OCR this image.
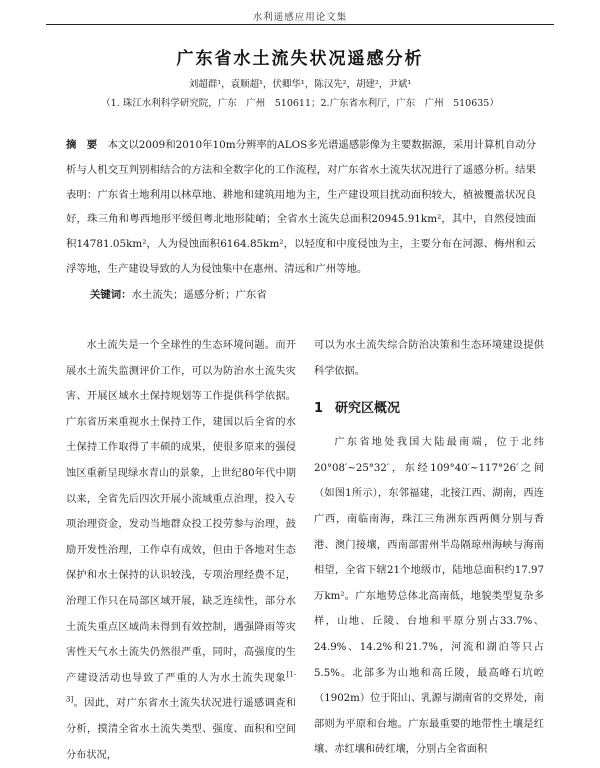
水利遥感应用论文集
广东省水土流失状况遥感分析
刘超群¹，袁顺超¹，伏卿华¹，陈汉先²，胡建²，尹斌¹
（1. 珠江水利科学研究院，广东　广州　510611；2.广东省水利厅，广东　广州　510635）

摘　要　 本文以2009和2010年10m分辨率的ALOS多光谱遥感影像为主要数据源，采用计算机自动分析与人机交互判别相结合的方法和全数字化的工作流程，对广东省水土流失状况进行了遥感分析。结果表明：广东省土地利用以林草地、耕地和建筑用地为主，生产建设项目扰动面积较大，植被覆盖状况良好，珠三角和粤西地形平缓但粤北地形陡峭；全省水土流失总面积20945.91km²，其中，自然侵蚀面积14781.05km²，人为侵蚀面积6164.85km²，以轻度和中度侵蚀为主，主要分布在河源、梅州和云浮等地，生产建设导致的人为侵蚀集中在惠州、清远和广州等地。

关键词：水土流失；遥感分析；广东省

水土流失是一个全球性的生态环境问题。而开展水土流失监测评价工作，可以为防治水土流失灾害、开展区域水土保持规划等工作提供科学依据。广东省历来重视水土保持工作，建国以后全省的水土保持工作取得了丰硕的成果，使很多原来的强侵蚀区重新呈现绿水青山的景象，上世纪80年代中期以来，全省先后四次开展小流域重点治理，投入专项治理资金，发动当地群众投工投劳参与治理，鼓励开发性治理，工作卓有成效，但由于各地对生态保护和水土保持的认识较浅，专项治理经费不足，治理工作只在局部区域开展，缺乏连续性，部分水土流失重点区域尚未得到有效控制，遇强降雨等灾害性天气水土流失仍然很严重，同时，高强度的生产建设活动也导致了严重的人为水土流失现象[1-3]。因此，对广东省水土流失状况进行遥感调查和分析，摸清全省水土流失类型、强度、面积和空间分布状况，

可以为水土流失综合防治决策和生态环境建设提供科学依据。

1 研究区概况

广东省地处我国大陆最南端，位于北纬20°08′~25°32′，东经109°40′~117°26′之间（如图1所示），东邻福建，北接江西、湖南，西连广西，南临南海，珠江三角洲东西两侧分别与香港、澳门接壤，西南部雷州半岛隔琼州海峡与海南相望，全省下辖21个地级市，陆地总面积约17.97万km²。广东地势总体北高南低，地貌类型复杂多样，山地、丘陵、台地和平原分别占33.7%、24.9%、14.2%和21.7%，河流和湖泊等只占5.5%。北部多为山地和高丘陵，最高峰石坑崆（1902m）位于阳山、乳源与湖南省的交界处，南部则为平原和台地。广东最重要的地带性土壤是红壤、赤红壤和砖红壤，分别占全省面积
